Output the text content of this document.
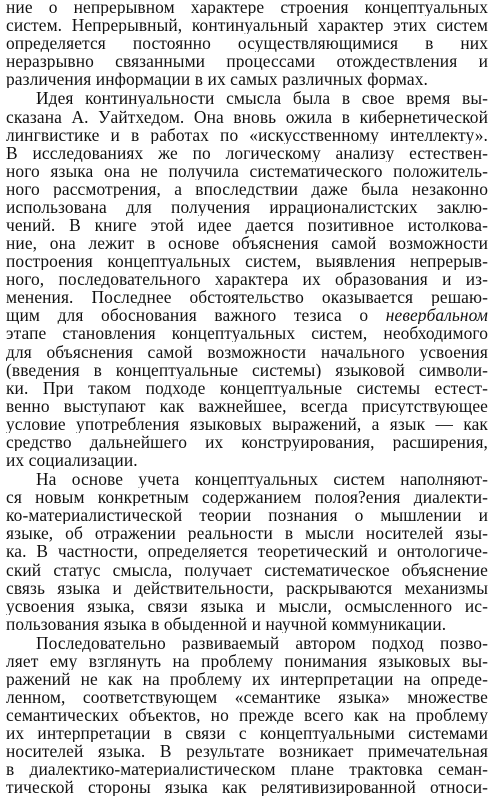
ние о непрерывном характере строения концептуальных
систем. Непрерывный, континуальный характер этих систем
определяется постоянно осуществляющимися в них
неразрывно связанными процессами отождествления и
различения информации в их самых различных формах.
Идея континуальности смысла была в свое время вы-
сказана А. Уайтхедом. Она вновь ожила в кибернетической
лингвистике и в работах по «искусственному интеллекту».
В исследованиях же по логическому анализу естествен-
ного языка она не получила систематического положитель-
ного рассмотрения, а впоследствии даже была незаконно
использована для получения иррационалистских заклю-
чений. В книге этой идее дается позитивное истолкова-
ние, она лежит в основе объяснения самой возможности
построения концептуальных систем, выявления непрерыв-
ного, последовательного характера их образования и из-
менения. Последнее обстоятельство оказывается решаю-
щим для обоснования важного тезиса о невербальном
этапе становления концептуальных систем, необходимого
для объяснения самой возможности начального усвоения
(введения в концептуальные системы) языковой символи-
ки. При таком подходе концептуальные системы естест-
венно выступают как важнейшее, всегда присутствующее
условие употребления языковых выражений, а язык — как
средство дальнейшего их конструирования, расширения,
их социализации.
На основе учета концептуальных систем наполняют-
ся новым конкретным содержанием полоя?ения диалекти-
ко-материалистической теории познания о мышлении и
языке, об отражении реальности в мысли носителей язы-
ка. В частности, определяется теоретический и онтологиче-
ский статус смысла, получает систематическое объяснение
связь языка и действительности, раскрываются механизмы
усвоения языка, связи языка и мысли, осмысленного ис-
пользования языка в обыденной и научной коммуникации.
Последовательно развиваемый автором подход позво-
ляет ему взглянуть на проблему понимания языковых вы-
ражений не как на проблему их интерпретации на опреде-
ленном, соответствующем «семантике языка» множестве
семантических объектов, но прежде всего как на проблему
их интерпретации в связи с концептуальными системами
носителей языка. В результате возникает примечательная
в диалектико-материалистическом плане трактовка семан-
тической стороны языка как релятивизированной относи-
